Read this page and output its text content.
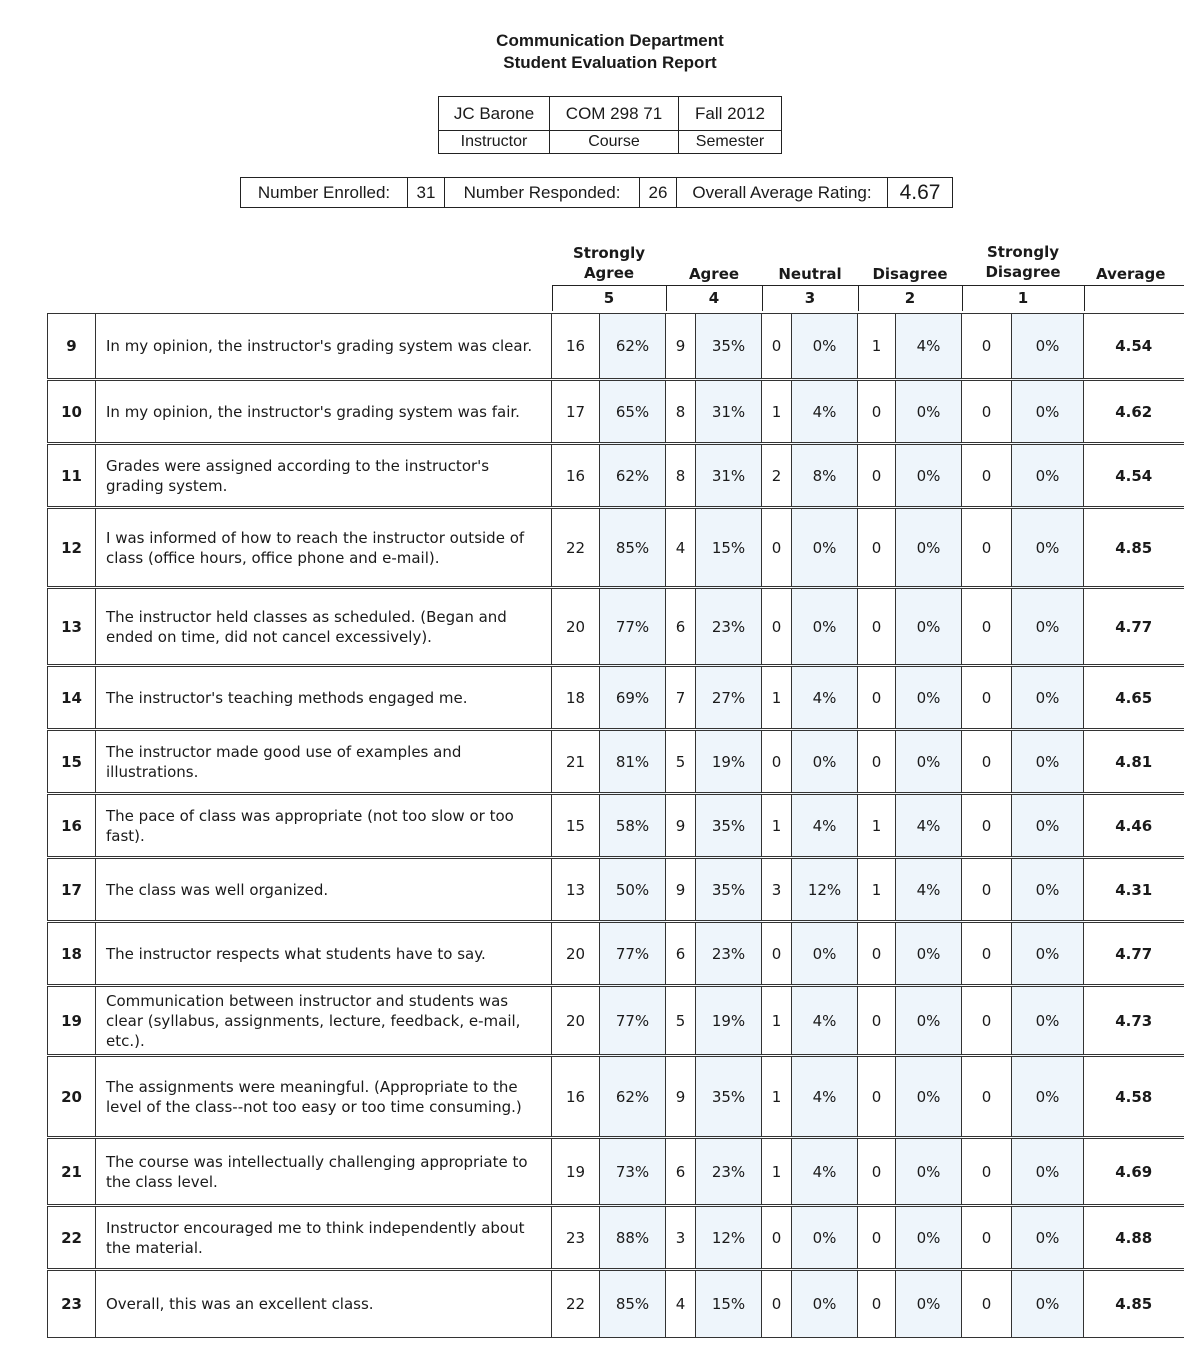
Communication Department
Student Evaluation Report
JC Barone	COM 298 71	Fall 2012
Instructor	Course	Semester
Number Enrolled:	31	Number Responded:	26	Overall Average Rating:	4.67
Strongly Agree	Agree	Neutral	Disagree
Strongly Disagree	Average
5	4	3	2	1
9	In my opinion, the instructor's grading system was clear.	16	62%	9	35%	0	0%	1	4%	0	0%	4.54
10	In my opinion, the instructor's grading system was fair.	17	65%	8	31%	1	4%	0	0%	0	0%	4.62
11	Grades were assigned according to the instructor's grading system.	16	62%	8	31%	2	8%	0	0%	0	0%	4.54
12	I was informed of how to reach the instructor outside of class (office hours, office phone and e-mail).	22	85%	4	15%	0	0%	0	0%	0	0%	4.85
13	The instructor held classes as scheduled. (Began and ended on time, did not cancel excessively).	20	77%	6	23%	0	0%	0	0%	0	0%	4.77
14	The instructor's teaching methods engaged me.	18	69%	7	27%	1	4%	0	0%	0	0%	4.65
15	The instructor made good use of examples and illustrations.	21	81%	5	19%	0	0%	0	0%	0	0%	4.81
16	The pace of class was appropriate (not too slow or too fast).	15	58%	9	35%	1	4%	1	4%	0	0%	4.46
17	The class was well organized.	13	50%	9	35%	3	12%	1	4%	0	0%	4.31
18	The instructor respects what students have to say.	20	77%	6	23%	0	0%	0	0%	0	0%	4.77
19	Communication between instructor and students was clear (syllabus, assignments, lecture, feedback, e-mail, etc.).	20	77%	5	19%	1	4%	0	0%	0	0%	4.73
20	The assignments were meaningful. (Appropriate to the level of the class--not too easy or too time consuming.)	16	62%	9	35%	1	4%	0	0%	0	0%	4.58
21	The course was intellectually challenging appropriate to the class level.	19	73%	6	23%	1	4%	0	0%	0	0%	4.69
22	Instructor encouraged me to think independently about the material.	23	88%	3	12%	0	0%	0	0%	0	0%	4.88
23	Overall, this was an excellent class.	22	85%	4	15%	0	0%	0	0%	0	0%	4.85
